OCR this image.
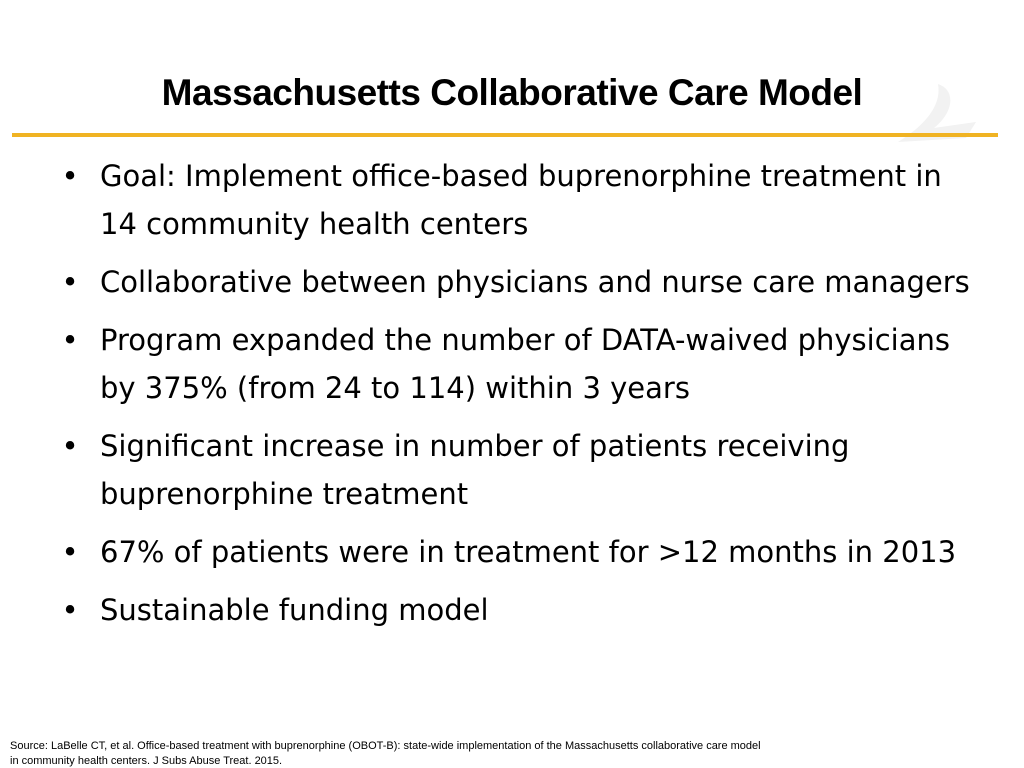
Massachusetts Collaborative Care Model
• Goal: Implement office-based buprenorphine treatment in 14 community health centers
• Collaborative between physicians and nurse care managers
• Program expanded the number of DATA-waived physicians by 375% (from 24 to 114) within 3 years
• Significant increase in number of patients receiving buprenorphine treatment
• 67% of patients were in treatment for >12 months in 2013
• Sustainable funding model

Source: LaBelle CT, et al. Office-based treatment with buprenorphine (OBOT-B): state-wide implementation of the Massachusetts collaborative care model
in community health centers. J Subs Abuse Treat. 2015.
